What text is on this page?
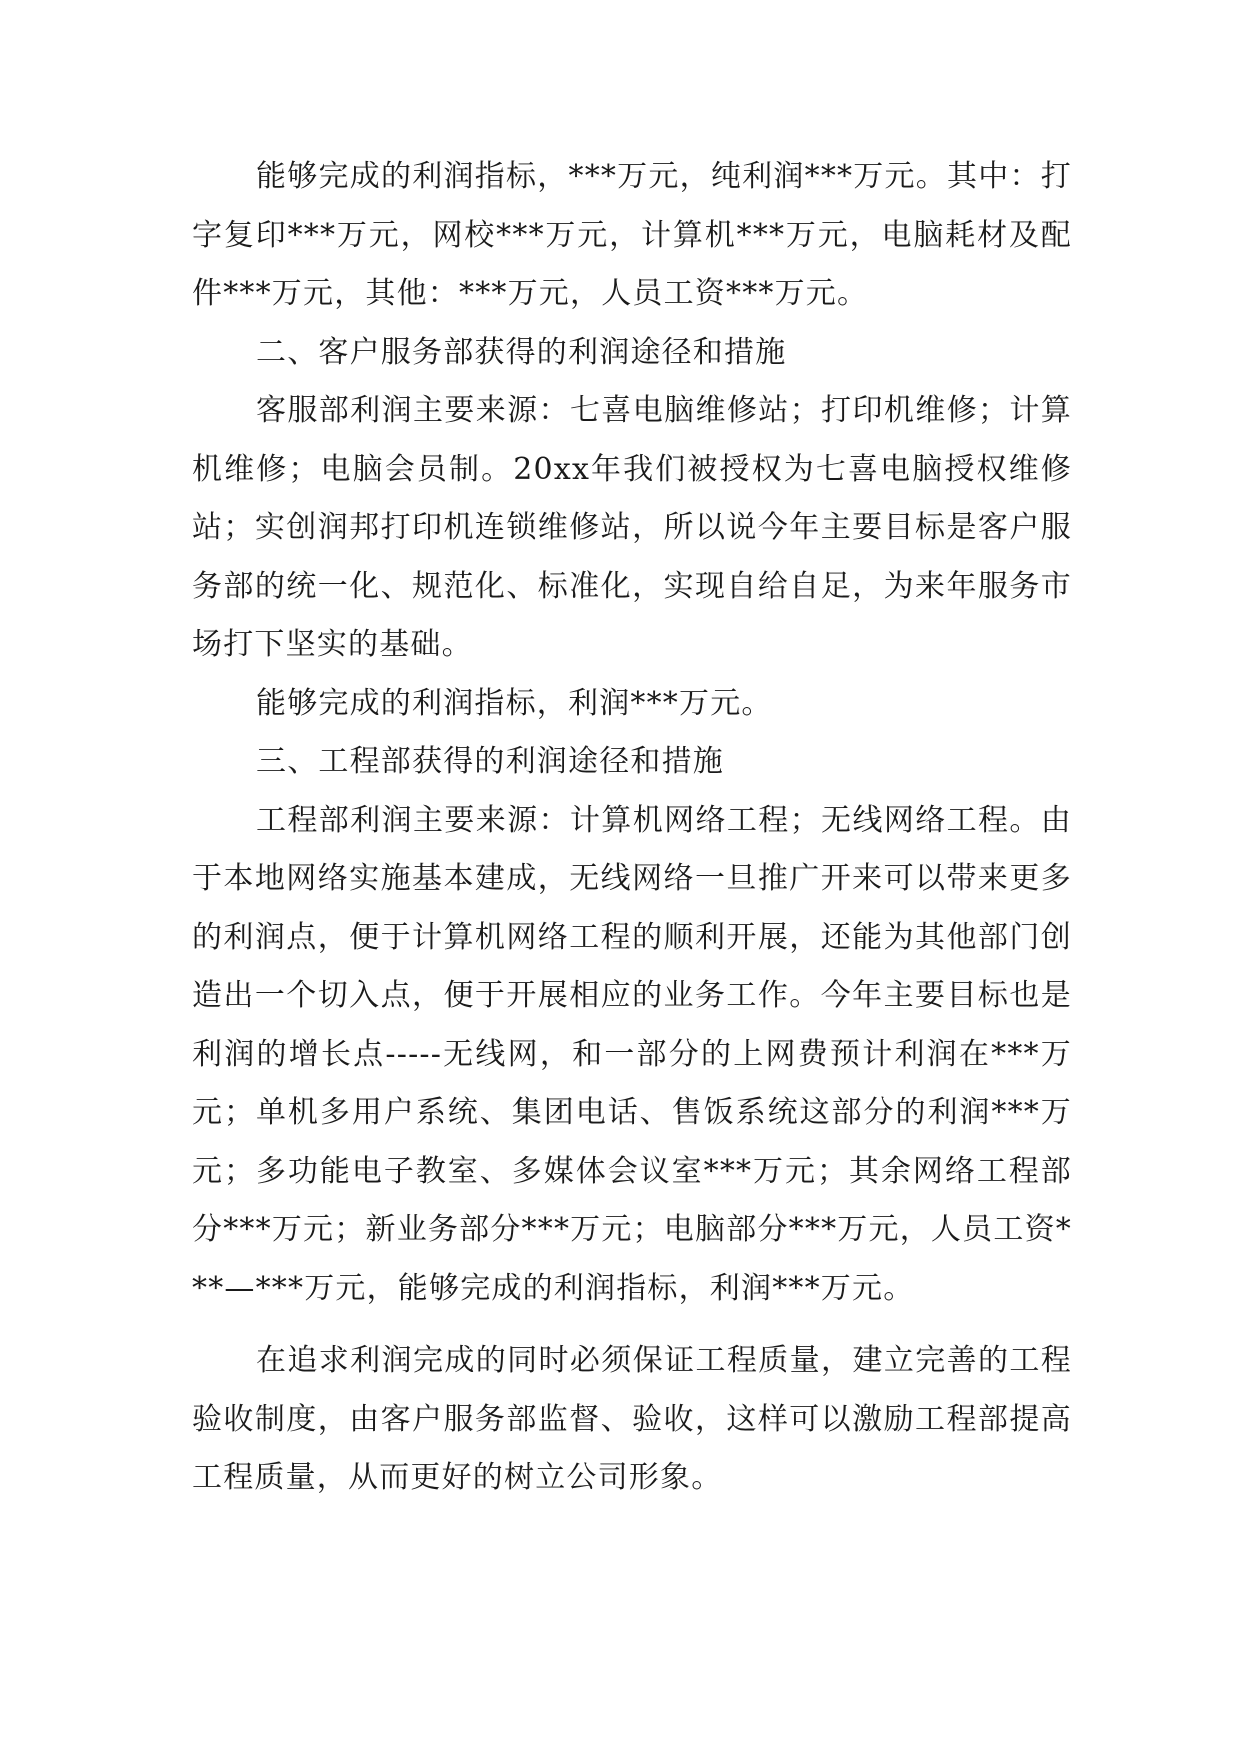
能够完成的利润指标，***万元，纯利润***万元。其中：打字复印***万元，网校***万元，计算机***万元，电脑耗材及配件***万元，其他：***万元，人员工资***万元。

二、客户服务部获得的利润途径和措施

客服部利润主要来源：七喜电脑维修站；打印机维修；计算机维修；电脑会员制。20xx年我们被授权为七喜电脑授权维修站；实创润邦打印机连锁维修站，所以说今年主要目标是客户服务部的统一化、规范化、标准化，实现自给自足，为来年服务市场打下坚实的基础。

能够完成的利润指标，利润***万元。

三、工程部获得的利润途径和措施

工程部利润主要来源：计算机网络工程；无线网络工程。由于本地网络实施基本建成，无线网络一旦推广开来可以带来更多的利润点，便于计算机网络工程的顺利开展，还能为其他部门创造出一个切入点，便于开展相应的业务工作。今年主要目标也是利润的增长点-----无线网，和一部分的上网费预计利润在***万元；单机多用户系统、集团电话、售饭系统这部分的利润***万元；多功能电子教室、多媒体会议室***万元；其余网络工程部分***万元；新业务部分***万元；电脑部分***万元，人员工资***—***万元，能够完成的利润指标，利润***万元。

在追求利润完成的同时必须保证工程质量，建立完善的工程验收制度，由客户服务部监督、验收，这样可以激励工程部提高工程质量，从而更好的树立公司形象。
